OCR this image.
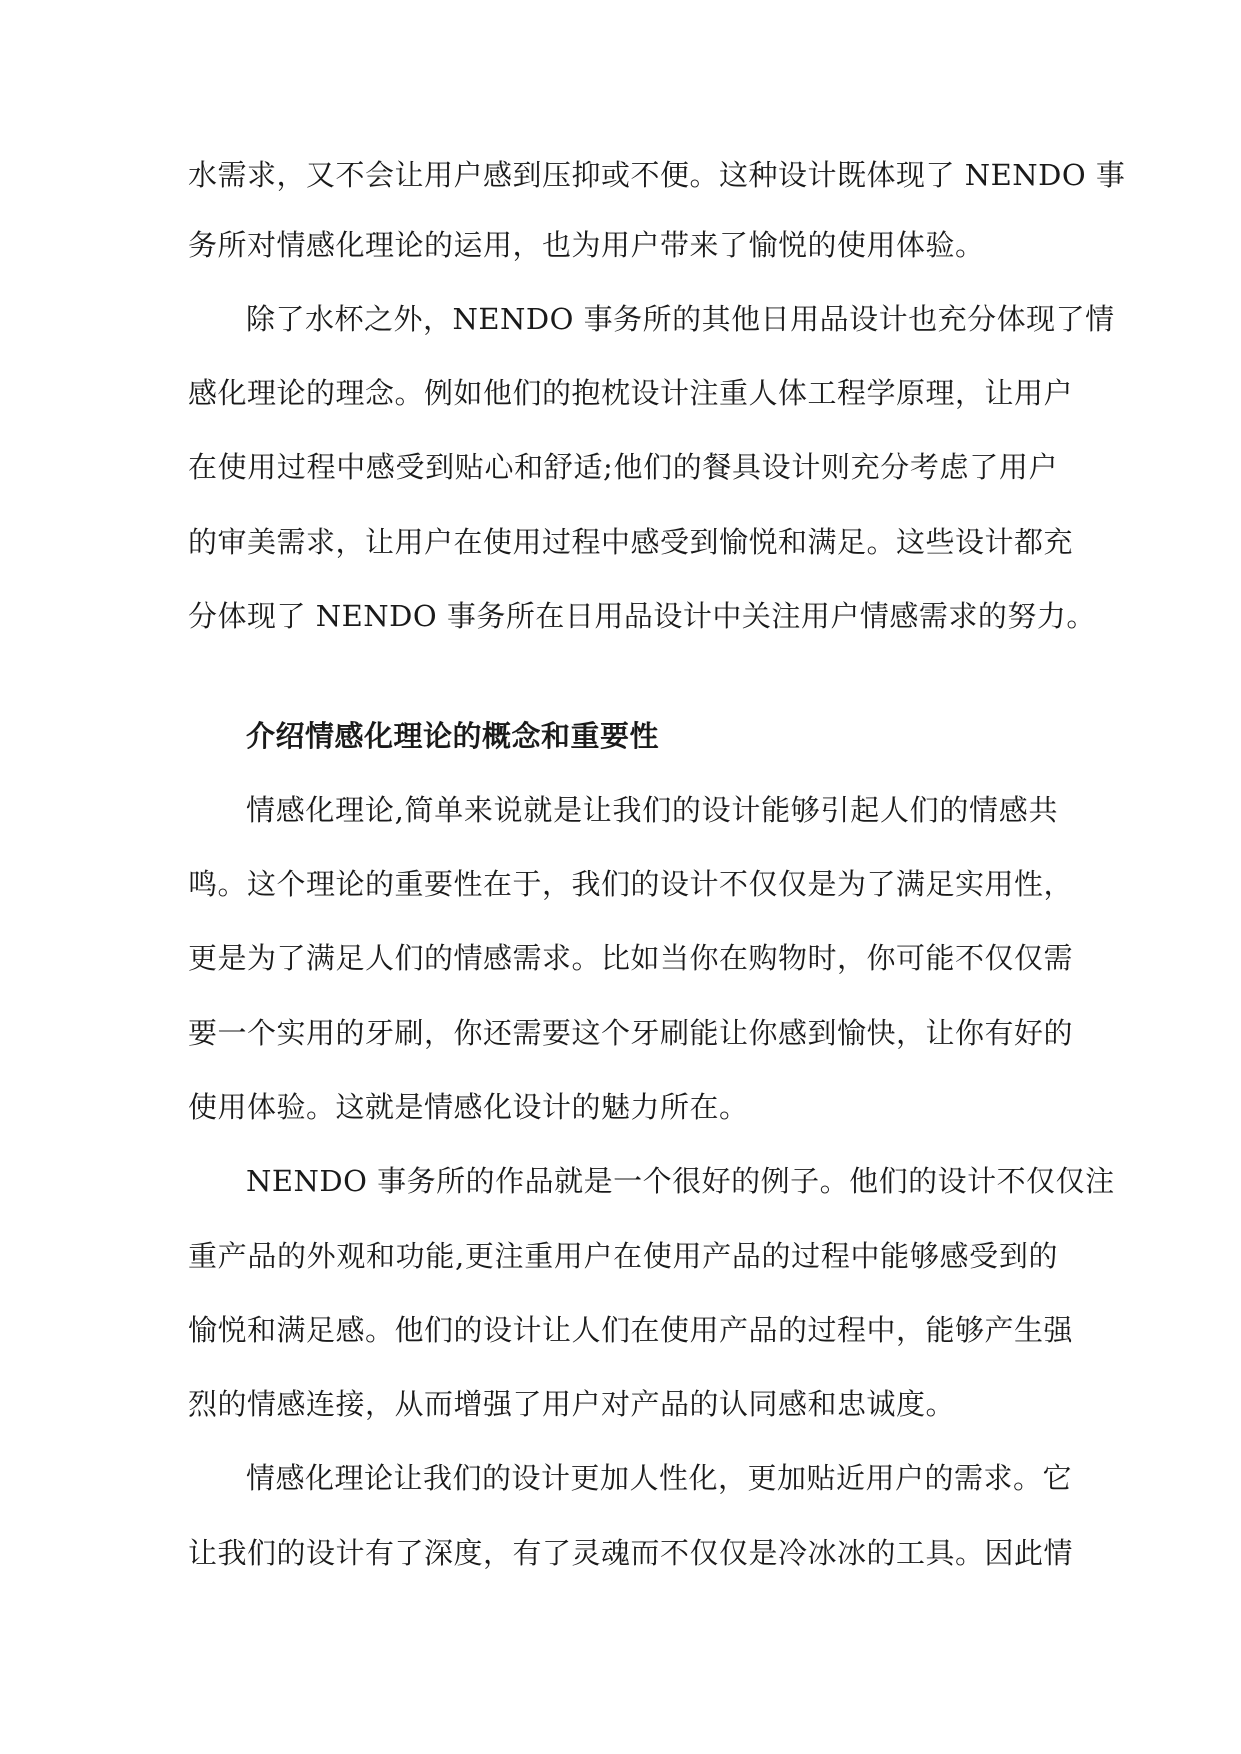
水需求，又不会让用户感到压抑或不便。这种设计既体现了 NENDO 事
务所对情感化理论的运用，也为用户带来了愉悦的使用体验。
除了水杯之外，NENDO 事务所的其他日用品设计也充分体现了情
感化理论的理念。例如他们的抱枕设计注重人体工程学原理，让用户
在使用过程中感受到贴心和舒适;他们的餐具设计则充分考虑了用户
的审美需求，让用户在使用过程中感受到愉悦和满足。这些设计都充
分体现了 NENDO 事务所在日用品设计中关注用户情感需求的努力。
介绍情感化理论的概念和重要性
情感化理论,简单来说就是让我们的设计能够引起人们的情感共
鸣。这个理论的重要性在于，我们的设计不仅仅是为了满足实用性，
更是为了满足人们的情感需求。比如当你在购物时，你可能不仅仅需
要一个实用的牙刷，你还需要这个牙刷能让你感到愉快，让你有好的
使用体验。这就是情感化设计的魅力所在。
NENDO 事务所的作品就是一个很好的例子。他们的设计不仅仅注
重产品的外观和功能,更注重用户在使用产品的过程中能够感受到的
愉悦和满足感。他们的设计让人们在使用产品的过程中，能够产生强
烈的情感连接，从而增强了用户对产品的认同感和忠诚度。
情感化理论让我们的设计更加人性化，更加贴近用户的需求。它
让我们的设计有了深度，有了灵魂而不仅仅是冷冰冰的工具。因此情
